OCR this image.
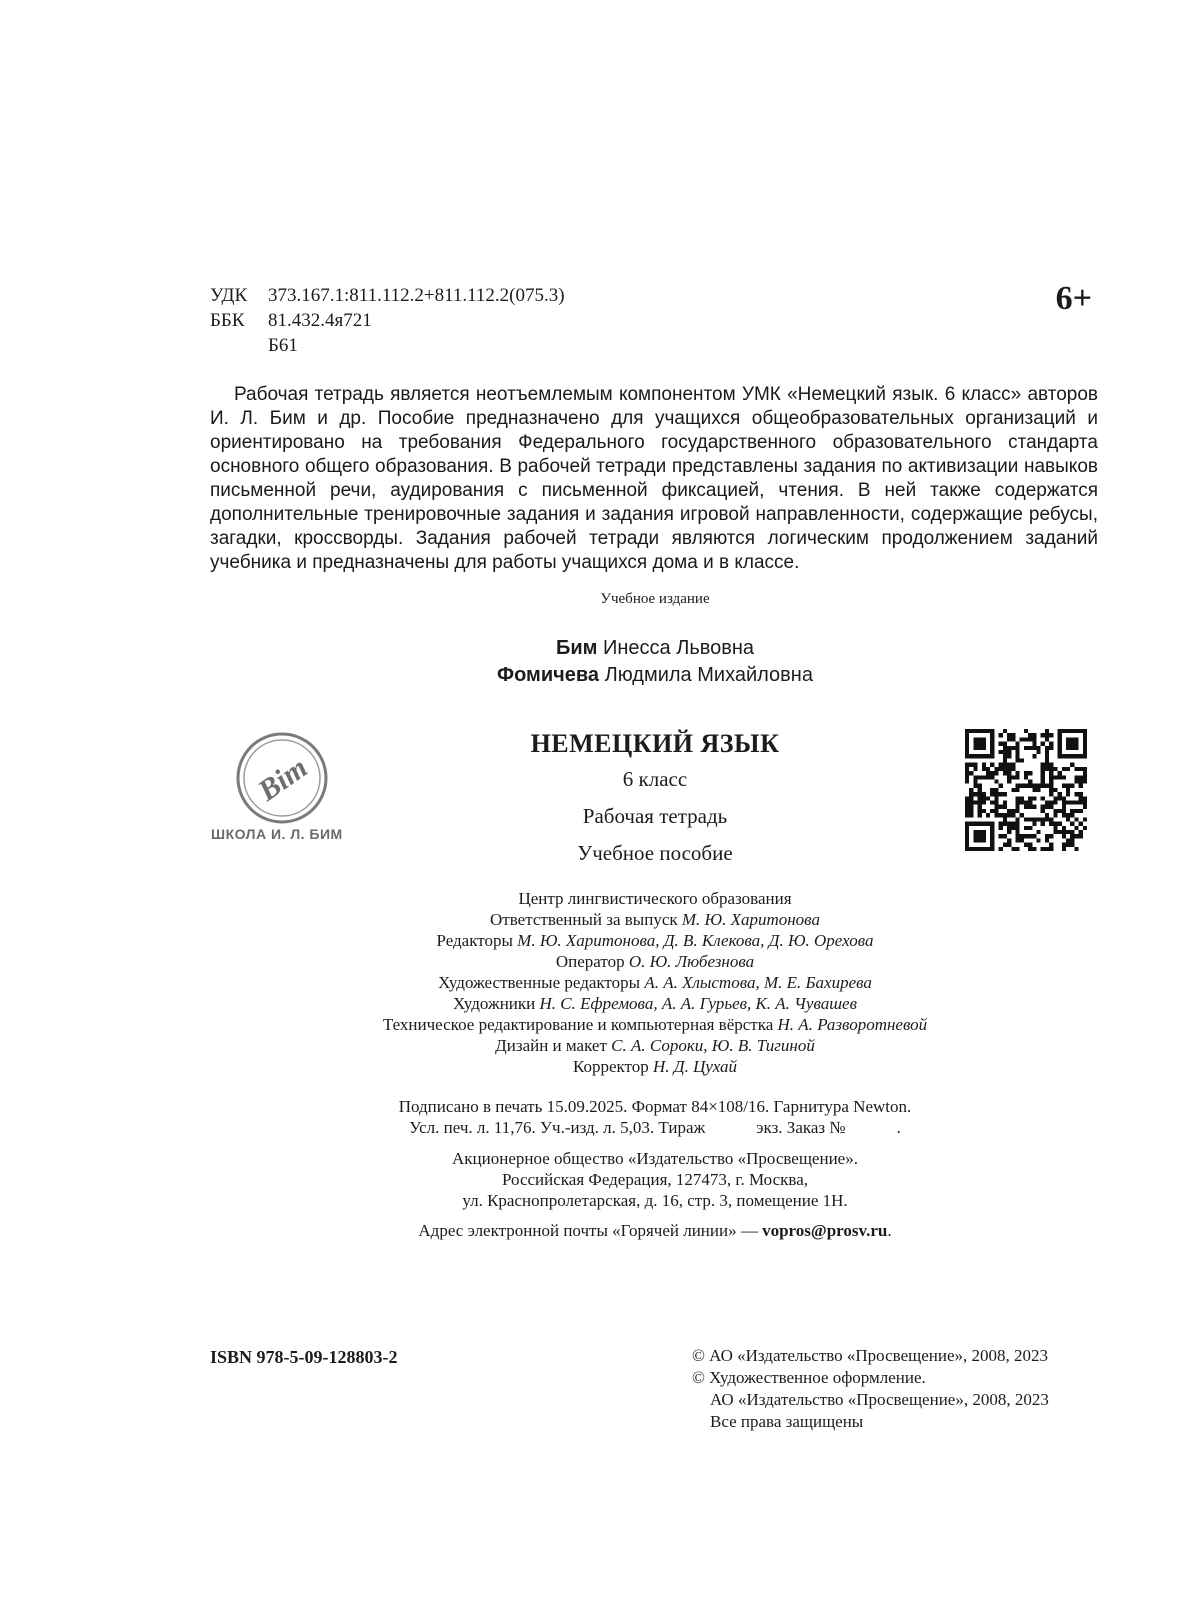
УДК	373.167.1:811.112.2+811.112.2(075.3)
ББК	81.432.4я721
Б61
6+

Рабочая тетрадь является неотъемлемым компонентом УМК «Немецкий язык. 6 класс» авторов И. Л. Бим и др. Пособие предназначено для учащихся общеобразовательных организаций и ориентировано на требования Федерального государственного образовательного стандарта основного общего образования. В рабочей тетради представлены задания по активизации навыков письменной речи, аудирования с письменной фиксацией, чтения. В ней также содержатся дополнительные тренировочные задания и задания игровой направленности, содержащие ребусы, загадки, кроссворды. Задания рабочей тетради являются логическим продолжением заданий учебника и предназначены для работы учащихся дома и в классе.

Учебное издание
Бим Инесса Львовна
Фомичева Людмила Михайловна
Bim
ШКОЛА И. Л. БИМ
НЕМЕЦКИЙ ЯЗЫК
6 класс
Рабочая тетрадь
Учебное пособие
Центр лингвистического образования
Ответственный за выпуск М. Ю. Харитонова
Редакторы М. Ю. Харитонова, Д. В. Клекова, Д. Ю. Орехова
Оператор О. Ю. Любезнова
Художественные редакторы А. А. Хлыстова, М. Е. Бахирева
Художники Н. С. Ефремова, А. А. Гурьев, К. А. Чувашев
Техническое редактирование и компьютерная вёрстка Н. А. Разворотневой
Дизайн и макет С. А. Сороки, Ю. В. Тигиной
Корректор Н. Д. Цухай
Подписано в печать 15.09.2025. Формат 84×108/16. Гарнитура Newton.
Усл. печ. л. 11,76. Уч.-изд. л. 5,03. Тираж            экз. Заказ №            .
Акционерное общество «Издательство «Просвещение».
Российская Федерация, 127473, г. Москва,
ул. Краснопролетарская, д. 16, стр. 3, помещение 1Н.
Адрес электронной почты «Горячей линии» — vopros@prosv.ru.
ISBN 978-5-09-128803-2	© АО «Издательство «Просвещение», 2008, 2023
© Художественное оформление.
АО «Издательство «Просвещение», 2008, 2023
Все права защищены
